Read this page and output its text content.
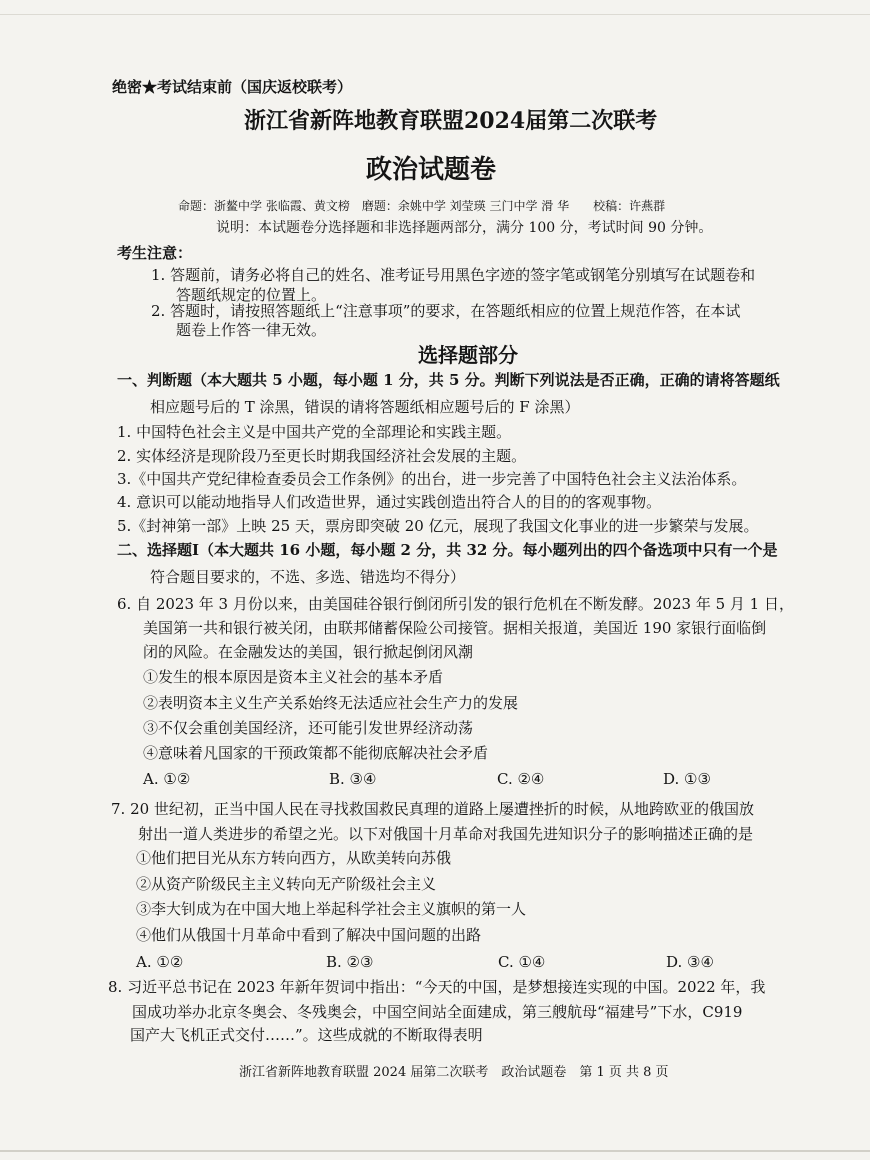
绝密★考试结束前（国庆返校联考）
浙江省新阵地教育联盟2024届第二次联考
政治试题卷
命题：浙鳌中学 张临霞、黄文榜　磨题：余姚中学 刘莹瑛 三门中学 滑 华　　校稿：许燕群
说明：本试题卷分选择题和非选择题两部分，满分 100 分，考试时间 90 分钟。
考生注意：
1. 答题前，请务必将自己的姓名、准考证号用黑色字迹的签字笔或钢笔分别填写在试题卷和
答题纸规定的位置上。
2. 答题时，请按照答题纸上“注意事项”的要求，在答题纸相应的位置上规范作答，在本试
题卷上作答一律无效。
选择题部分
一、判断题（本大题共 5 小题，每小题 1 分，共 5 分。判断下列说法是否正确，正确的请将答题纸
相应题号后的 T 涂黑，错误的请将答题纸相应题号后的 F 涂黑）
1. 中国特色社会主义是中国共产党的全部理论和实践主题。
2. 实体经济是现阶段乃至更长时期我国经济社会发展的主题。
3.《中国共产党纪律检查委员会工作条例》的出台，进一步完善了中国特色社会主义法治体系。
4. 意识可以能动地指导人们改造世界，通过实践创造出符合人的目的的客观事物。
5.《封神第一部》上映 25 天，票房即突破 20 亿元，展现了我国文化事业的进一步繁荣与发展。
二、选择题Ⅰ（本大题共 16 小题，每小题 2 分，共 32 分。每小题列出的四个备选项中只有一个是
符合题目要求的，不选、多选、错选均不得分）
6. 自 2023 年 3 月份以来，由美国硅谷银行倒闭所引发的银行危机在不断发酵。2023 年 5 月 1 日，
美国第一共和银行被关闭，由联邦储蓄保险公司接管。据相关报道，美国近 190 家银行面临倒
闭的风险。在金融发达的美国，银行掀起倒闭风潮
①发生的根本原因是资本主义社会的基本矛盾
②表明资本主义生产关系始终无法适应社会生产力的发展
③不仅会重创美国经济，还可能引发世界经济动荡
④意味着凡国家的干预政策都不能彻底解决社会矛盾
A. ①②	B. ③④	C. ②④	D. ①③
7. 20 世纪初，正当中国人民在寻找救国救民真理的道路上屡遭挫折的时候，从地跨欧亚的俄国放
射出一道人类进步的希望之光。以下对俄国十月革命对我国先进知识分子的影响描述正确的是
①他们把目光从东方转向西方，从欧美转向苏俄
②从资产阶级民主主义转向无产阶级社会主义
③李大钊成为在中国大地上举起科学社会主义旗帜的第一人
④他们从俄国十月革命中看到了解决中国问题的出路
A. ①②	B. ②③	C. ①④	D. ③④
8. 习近平总书记在 2023 年新年贺词中指出：“今天的中国，是梦想接连实现的中国。2022 年，我
国成功举办北京冬奥会、冬残奥会，中国空间站全面建成，第三艘航母“福建号”下水，C919
国产大飞机正式交付……”。这些成就的不断取得表明
浙江省新阵地教育联盟 2024 届第二次联考　政治试题卷　第 1 页 共 8 页
